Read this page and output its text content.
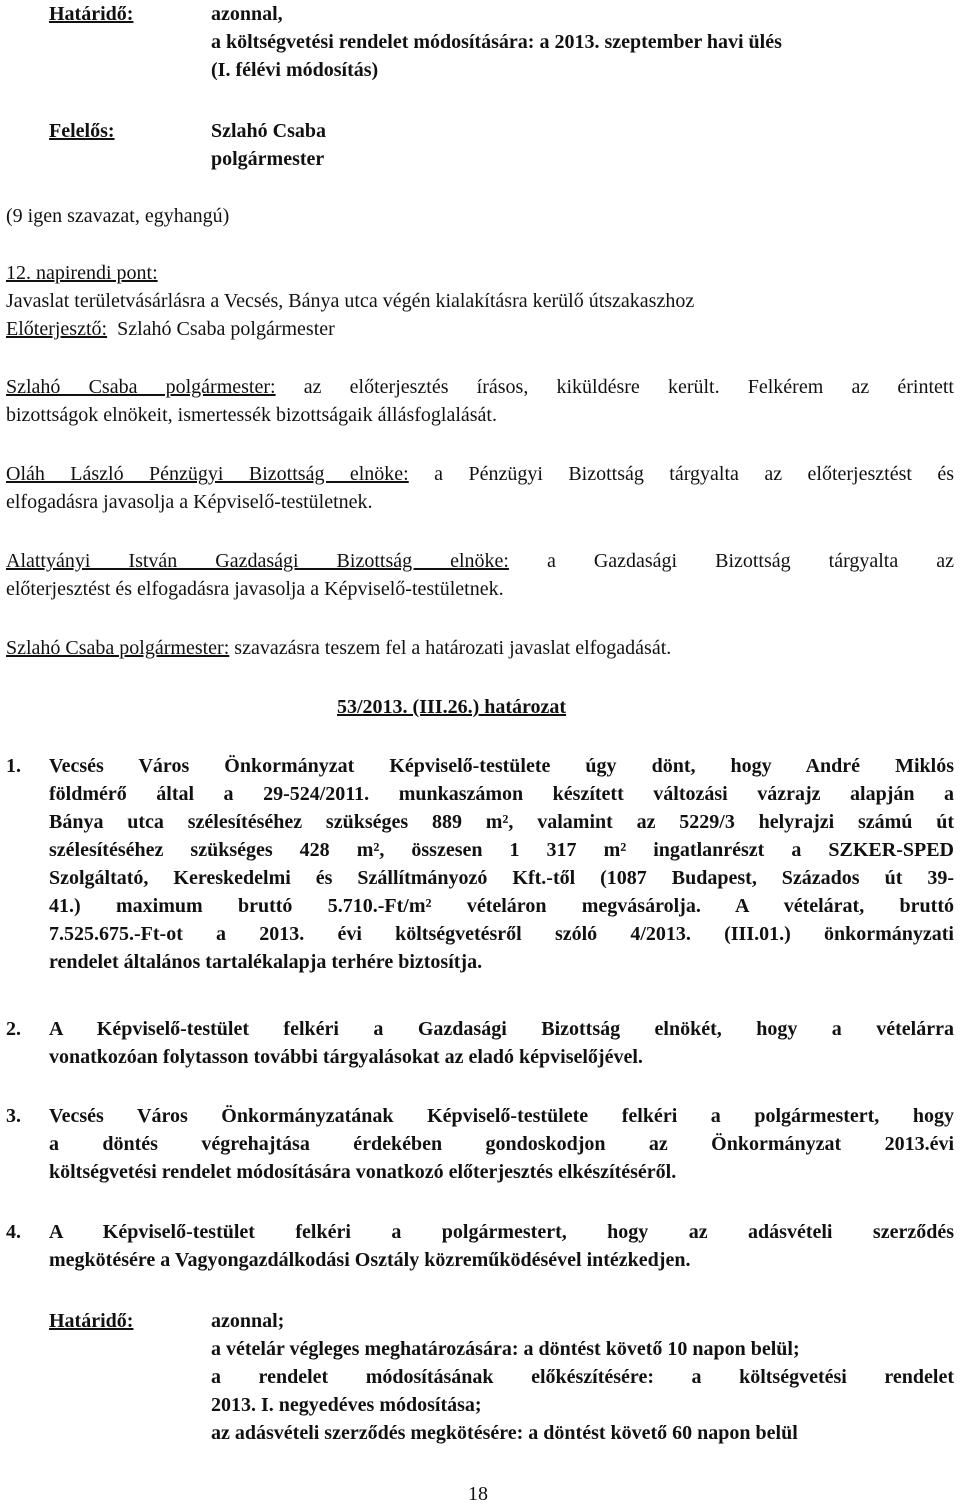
Határidő:	azonnal,
a költségvetési rendelet módosítására: a 2013. szeptember havi ülés
(I. félévi módosítás)
Felelős:	Szlahó Csaba
polgármester
(9 igen szavazat, egyhangú)
12. napirendi pont:
Javaslat területvásárlásra a Vecsés, Bánya utca végén kialakításra kerülő útszakaszhoz
Előterjesztő: Szlahó Csaba polgármester
Szlahó Csaba polgármester: az előterjesztés írásos, kiküldésre került. Felkérem az érintett
bizottságok elnökeit, ismertessék bizottságaik állásfoglalását.
Oláh László Pénzügyi Bizottság elnöke: a Pénzügyi Bizottság tárgyalta az előterjesztést és
elfogadásra javasolja a Képviselő-testületnek.
Alattyányi István Gazdasági Bizottság elnöke: a Gazdasági Bizottság tárgyalta az
előterjesztést és elfogadásra javasolja a Képviselő-testületnek.
Szlahó Csaba polgármester: szavazásra teszem fel a határozati javaslat elfogadását.
53/2013. (III.26.) határozat
1. Vecsés Város Önkormányzat Képviselő-testülete úgy dönt, hogy André Miklós
földmérő által a 29-524/2011. munkaszámon készített változási vázrajz alapján a
Bánya utca szélesítéséhez szükséges 889 m², valamint az 5229/3 helyrajzi számú út
szélesítéséhez szükséges 428 m², összesen 1 317 m² ingatlanrészt a SZKER-SPED
Szolgáltató, Kereskedelmi és Szállítmányozó Kft.-től (1087 Budapest, Százados út 39-
41.) maximum bruttó 5.710.-Ft/m² vételáron megvásárolja. A vételárat, bruttó
7.525.675.-Ft-ot a 2013. évi költségvetésről szóló 4/2013. (III.01.) önkormányzati
rendelet általános tartalékalapja terhére biztosítja.
2. A Képviselő-testület felkéri a Gazdasági Bizottság elnökét, hogy a vételárra
vonatkozóan folytasson további tárgyalásokat az eladó képviselőjével.
3. Vecsés Város Önkormányzatának Képviselő-testülete felkéri a polgármestert, hogy
a döntés végrehajtása érdekében gondoskodjon az Önkormányzat 2013.évi
költségvetési rendelet módosítására vonatkozó előterjesztés elkészítéséről.
4. A Képviselő-testület felkéri a polgármestert, hogy az adásvételi szerződés
megkötésére a Vagyongazdálkodási Osztály közreműködésével intézkedjen.
Határidő:	azonnal;
a vételár végleges meghatározására: a döntést követő 10 napon belül;
a rendelet módosításának előkészítésére: a költségvetési rendelet
2013. I. negyedéves módosítása;
az adásvételi szerződés megkötésére: a döntést követő 60 napon belül
18
